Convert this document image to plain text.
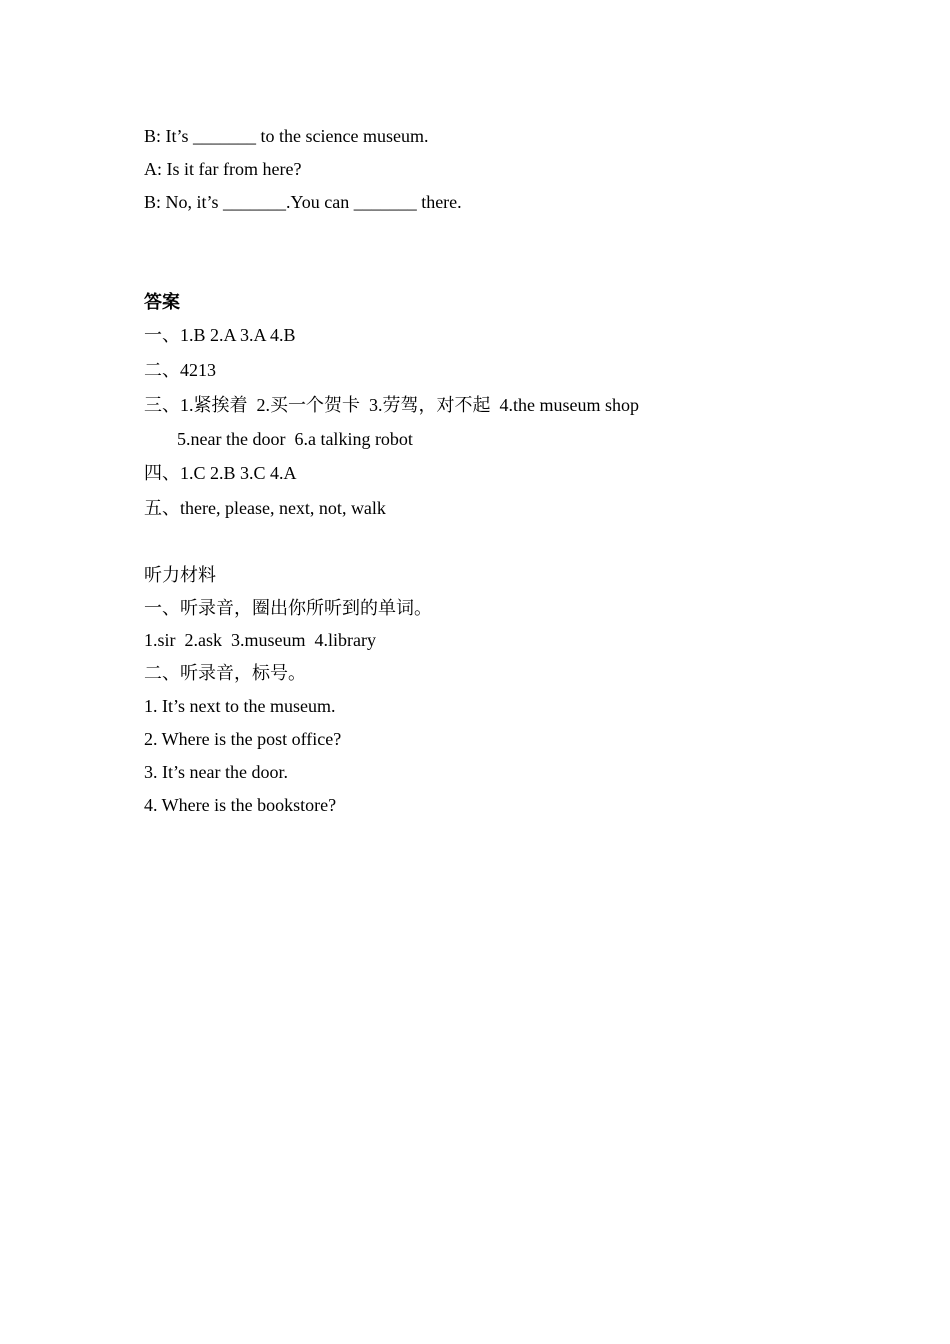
B: It’s _______ to the science museum.
A: Is it far from here?
B: No, it’s _______.You can _______ there.
答案
一、1.B 2.A 3.A 4.B
二、4213
三、1.紧挨着  2.买一个贺卡  3.劳驾，对不起  4.the museum shop
5.near the door  6.a talking robot
四、1.C 2.B 3.C 4.A
五、there, please, next, not, walk
听力材料
一、听录音，圈出你所听到的单词。
1.sir  2.ask  3.museum  4.library
二、听录音，标号。
1. It’s next to the museum.
2. Where is the post office?
3. It’s near the door.
4. Where is the bookstore?
